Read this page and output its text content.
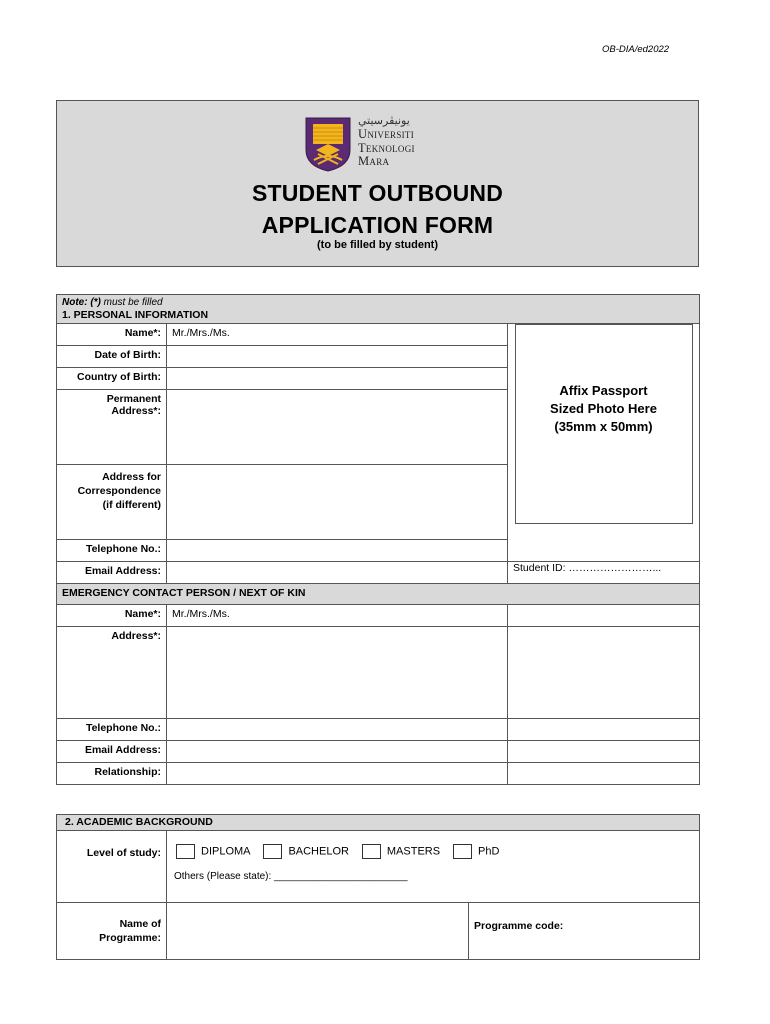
OB-DIA/ed2022
ﯾﻮﻧﻴﭭﺮﺳﻴﺘﻲ
Universiti
Teknologi
Mara
STUDENT OUTBOUND
APPLICATION FORM
(to be filled by student)
Note: (*) must be filled
1. PERSONAL INFORMATION		

Name*:	Mr./Mrs./Ms.	Affix Passport
Sized Photo Here
(35mm x 50mm)

Date of Birth:		
Country of Birth:		

Permanent
Address*:		

Address for
Correspondence
(if different)		

Telephone No.:		
Email Address:		Student ID: ……………………...
EMERGENCY CONTACT PERSON / NEXT OF KIN		
Name*:	Mr./Mrs./Ms.	
Address*:		
Telephone No.:		
Email Address:		
Relationship:		
2. ACADEMIC BACKGROUND		
Level of study:	DIPLOMA BACHELOR MASTERS PhD
Others (Please state): ________________________	

Name of
Programme:		Programme code:
